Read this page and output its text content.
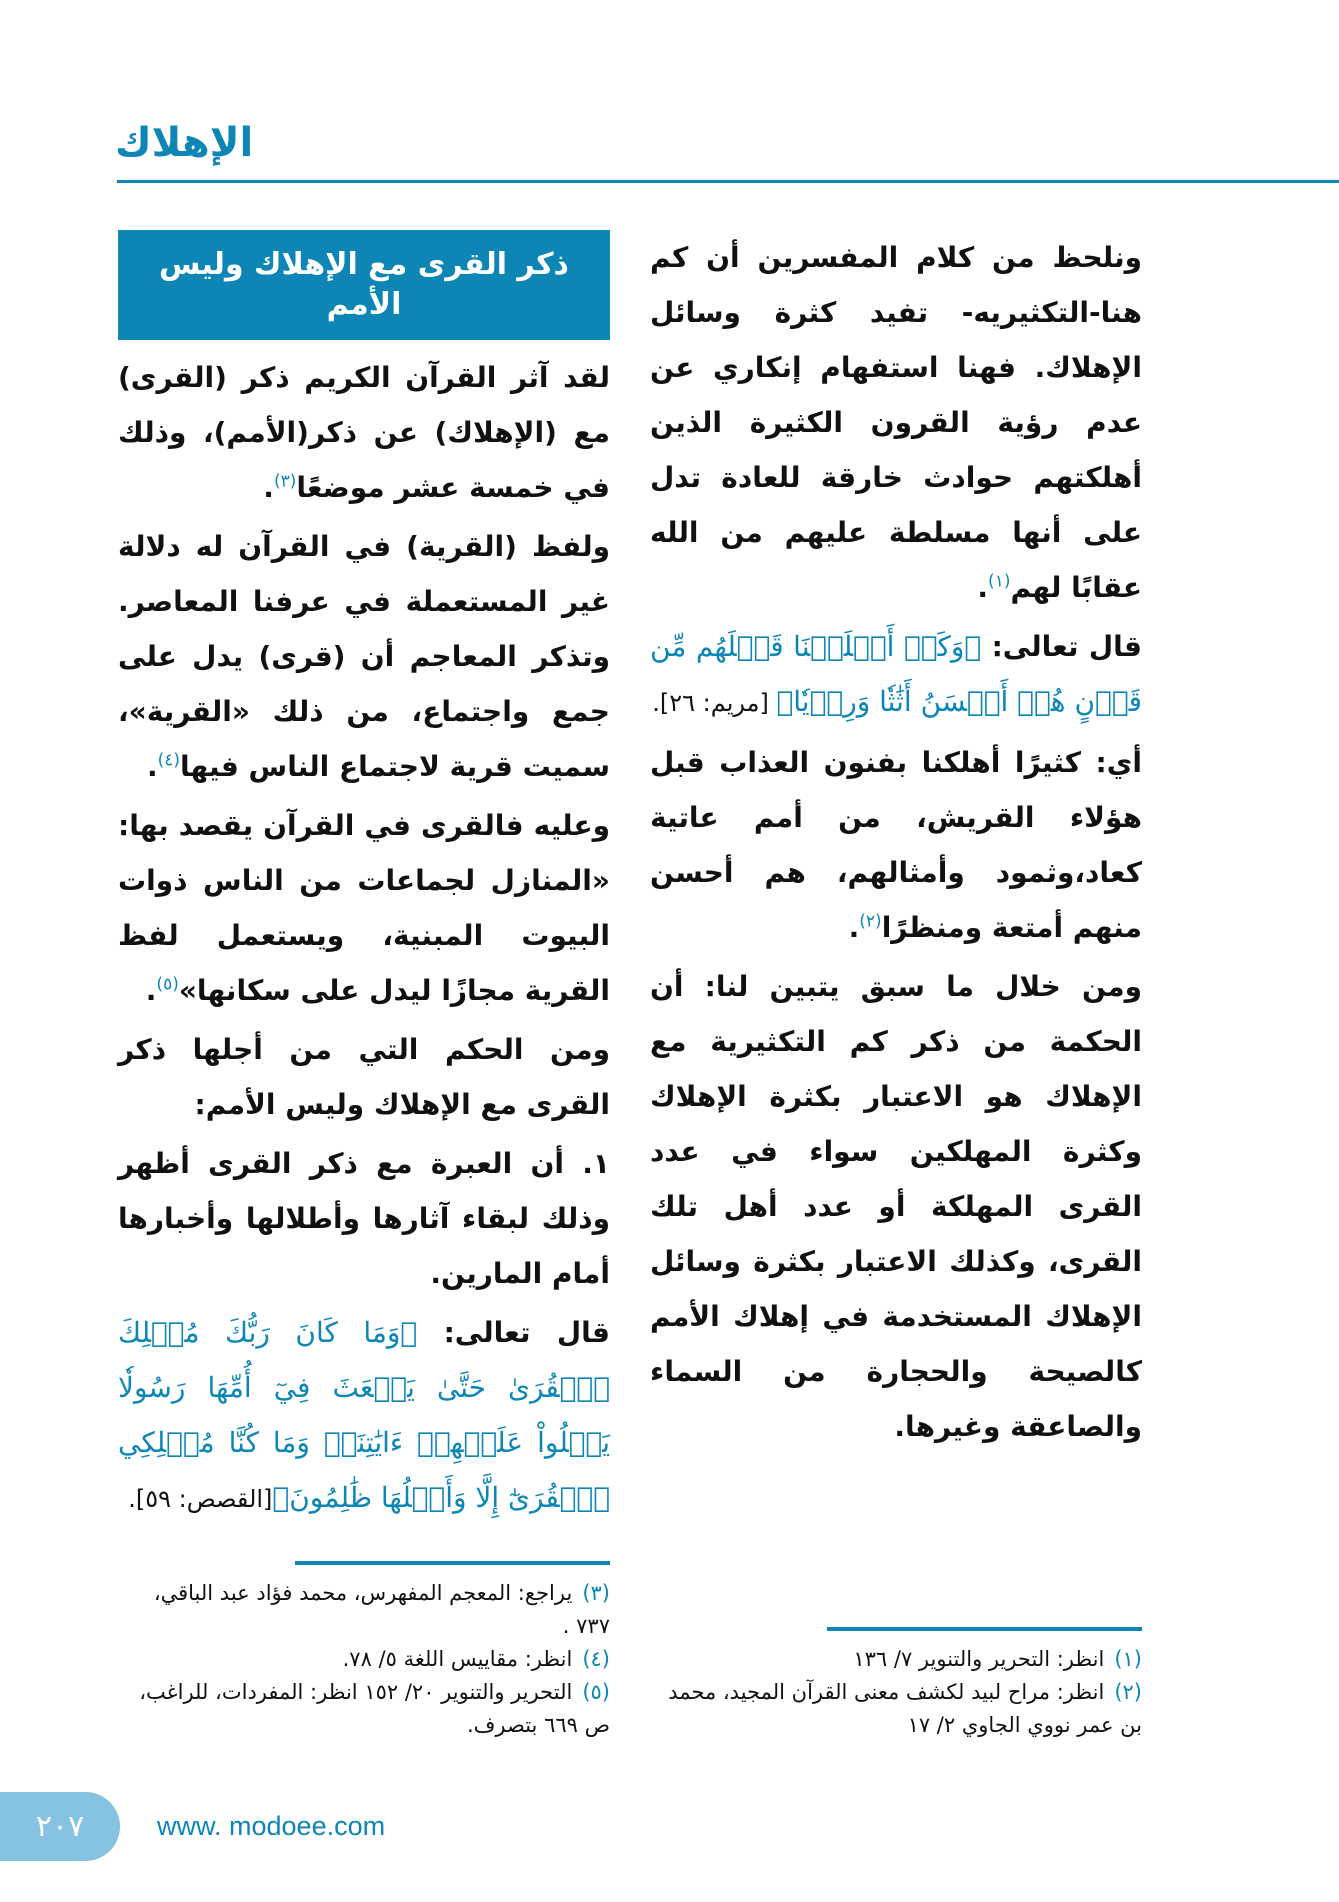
الإهلاك
ذكر القرى مع الإهلاك وليس الأمم

لقد آثر القرآن الكريم ذكر (القرى) مع (الإهلاك) عن ذكر(الأمم)، وذلك في خمسة عشر موضعًا$^{(٣)}$.

ولفظ (القرية) في القرآن له دلالة غير المستعملة في عرفنا المعاصر. وتذكر المعاجم أن (قرى) يدل على جمع واجتماع، من ذلك «القرية»، سميت قرية لاجتماع الناس فيها$^{(٤)}$.

وعليه فالقرى في القرآن يقصد بها: «المنازل لجماعات من الناس ذوات البيوت المبنية، ويستعمل لفظ القرية مجازًا ليدل على سكانها»$^{(٥)}$.

ومن الحكم التي من أجلها ذكر القرى مع الإهلاك وليس الأمم:

١. أن العبرة مع ذكر القرى أظهر وذلك لبقاء آثارها وأطلالها وأخبارها أمام المارين.

قال تعالى: ﴿وَمَا كَانَ رَبُّكَ مُهۡلِكَ ٱلۡقُرَىٰ حَتَّىٰ يَبۡعَثَ فِيٓ أُمِّهَا رَسُولٗا يَتۡلُواْ عَلَيۡهِمۡ ءَايَٰتِنَاۚ وَمَا كُنَّا مُهۡلِكِي ٱلۡقُرَىٰٓ إِلَّا وَأَهۡلُهَا ظَٰلِمُونَ﴾[القصص: ٥٩].

(٣)يراجع: المعجم المفهرس، محمد فؤاد عبد الباقي، ٧٣٧ .
(٤)انظر: مقاييس اللغة ٥/ ٧٨.
(٥)التحرير والتنوير ٢٠/ ١٥٢ انظر: المفردات، للراغب، ص ٦٦٩ بتصرف.

ونلحظ من كلام المفسرين أن كم هنا-التكثيريه- تفيد كثرة وسائل الإهلاك. فهنا استفهام إنكاري عن عدم رؤية القرون الكثيرة الذين أهلكتهم حوادث خارقة للعادة تدل على أنها مسلطة عليهم من الله عقابًا لهم$^{(١)}$.

قال تعالى: ﴿وَكَمۡ أَهۡلَكۡنَا قَبۡلَهُم مِّن قَرۡنٍ هُمۡ أَحۡسَنُ أَثَٰثٗا وَرِءۡيٗا﴾ [مريم: ٢٦].

أي: كثيرًا أهلكنا بفنون العذاب قبل هؤلاء القريش، من أمم عاتية كعاد،وثمود وأمثالهم، هم أحسن منهم أمتعة ومنظرًا$^{(٢)}$.

ومن خلال ما سبق يتبين لنا: أن الحكمة من ذكر كم التكثيرية مع الإهلاك هو الاعتبار بكثرة الإهلاك وكثرة المهلكين سواء في عدد القرى المهلكة أو عدد أهل تلك القرى، وكذلك الاعتبار بكثرة وسائل الإهلاك المستخدمة في إهلاك الأمم كالصيحة والحجارة من السماء والصاعقة وغيرها.

(١)انظر: التحرير والتنوير ٧/ ١٣٦
(٢)انظر: مراح لبيد لكشف معنى القرآن المجيد، محمد بن عمر نووي الجاوي ٢/ ١٧
٢٠٧	www. modoee.com
